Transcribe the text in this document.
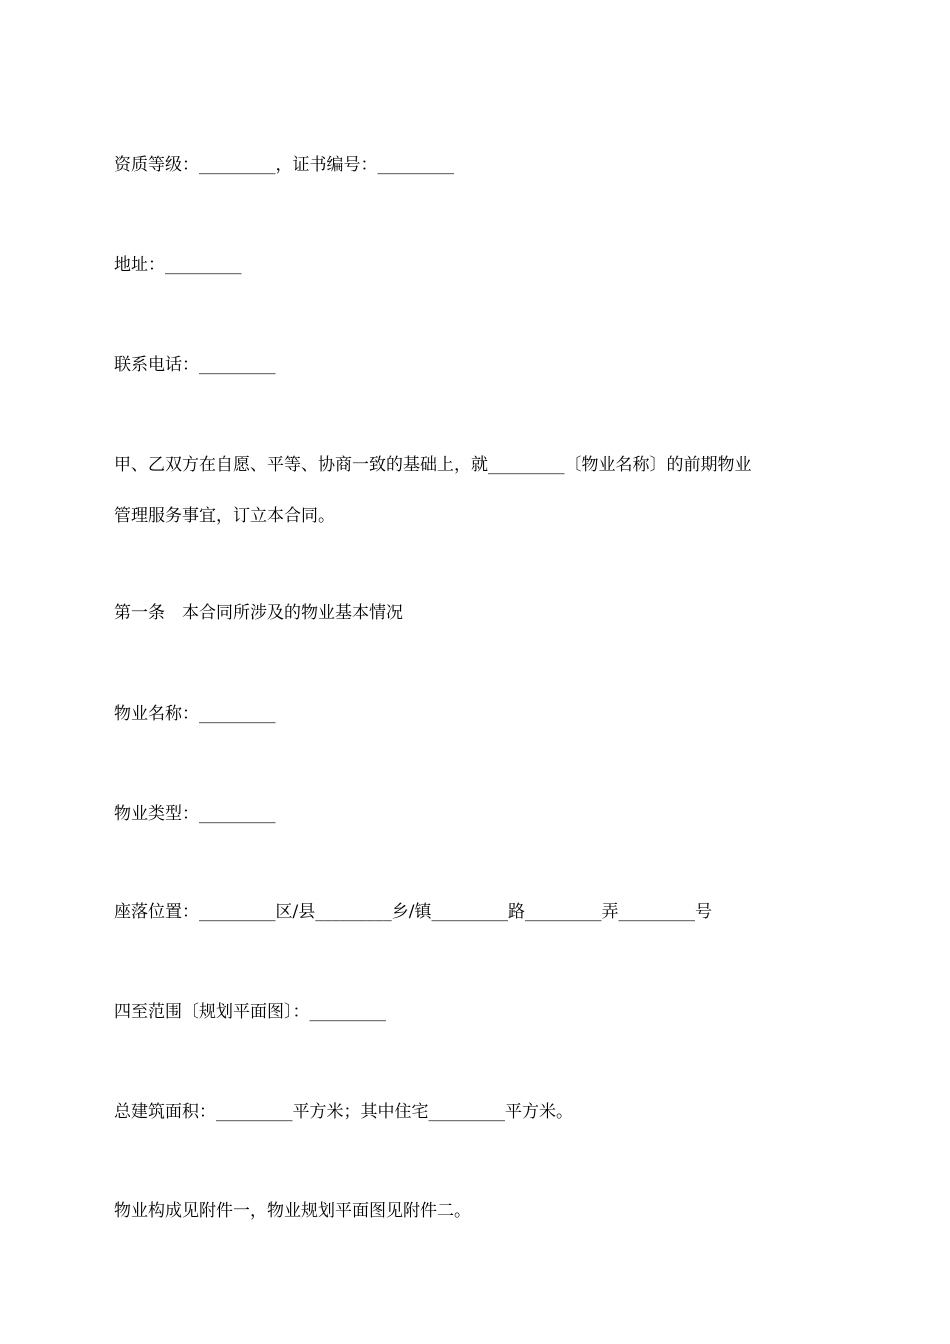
资质等级：_________，证书编号：_________
地址：_________
联系电话：_________
甲、乙双方在自愿、平等、协商一致的基础上，就_________〔物业名称〕的前期物业
管理服务事宜，订立本合同。
第一条　本合同所涉及的物业基本情况
物业名称：_________
物业类型：_________
座落位置：_________区/县_________乡/镇_________路_________弄_________号
四至范围〔规划平面图〕：_________
总建筑面积：_________平方米；其中住宅_________平方米。
物业构成见附件一，物业规划平面图见附件二。
